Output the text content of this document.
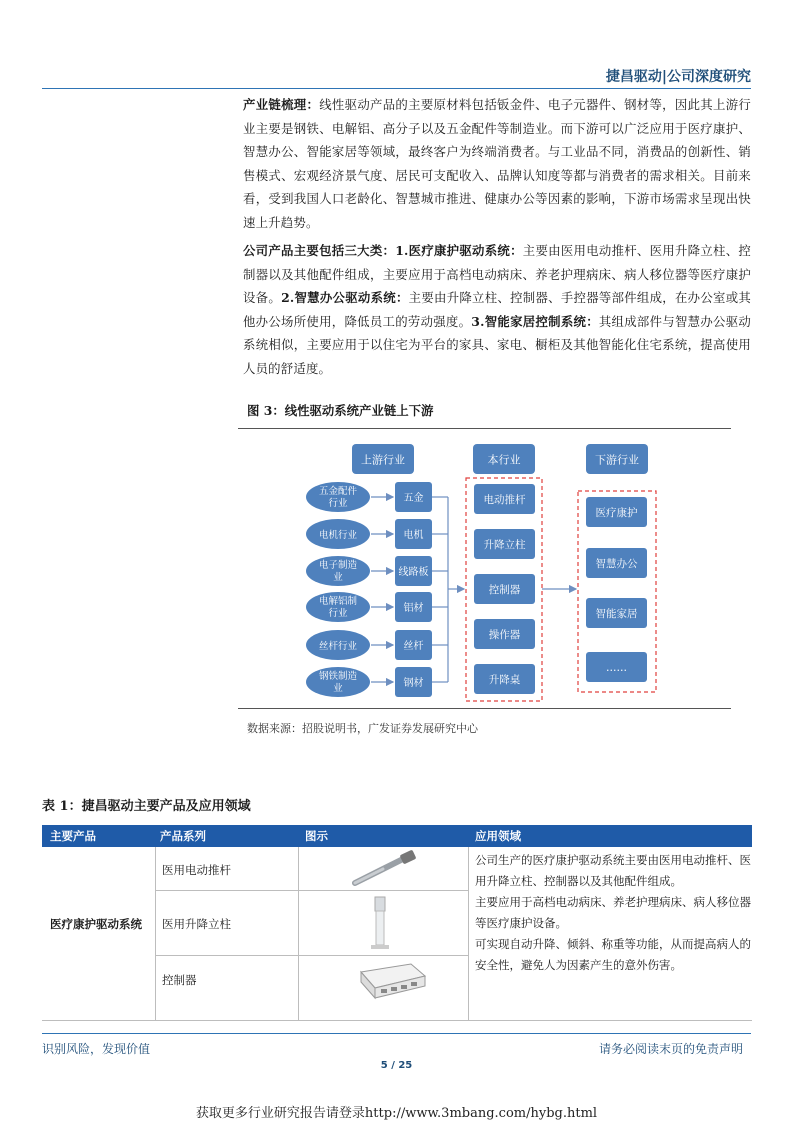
捷昌驱动|公司深度研究
产业链梳理：线性驱动产品的主要原材料包括钣金件、电子元器件、钢材等，因此其上游行业主要是钢铁、电解铝、高分子以及五金配件等制造业。而下游可以广泛应用于医疗康护、智慧办公、智能家居等领域，最终客户为终端消费者。与工业品不同，消费品的创新性、销售模式、宏观经济景气度、居民可支配收入、品牌认知度等都与消费者的需求相关。目前来看，受到我国人口老龄化、智慧城市推进、健康办公等因素的影响，下游市场需求呈现出快速上升趋势。
公司产品主要包括三大类：1.医疗康护驱动系统：主要由医用电动推杆、医用升降立柱、控制器以及其他配件组成，主要应用于高档电动病床、养老护理病床、病人移位器等医疗康护设备。2.智慧办公驱动系统：主要由升降立柱、控制器、手控器等部件组成，在办公室或其他办公场所使用，降低员工的劳动强度。3.智能家居控制系统：其组成部件与智慧办公驱动系统相似，主要应用于以住宅为平台的家具、家电、橱柜及其他智能化住宅系统，提高使用人员的舒适度。
图 3：线性驱动系统产业链上下游
上游行业	本行业	下游行业
五金配件
行业
电机行业
电子制造
业
电解铝制
行业
丝杆行业
钢铁制造
业
五金
电机
线路板
铝材
丝杆
钢材
电动推杆
升降立柱
控制器
操作器
升降桌
医疗康护
智慧办公
智能家居
……
数据来源：招股说明书，广发证券发展研究中心
表 1：捷昌驱动主要产品及应用领域
主要产品	产品系列	图示	应用领域
医疗康护驱动系统
医用电动推杆
医用升降立柱
控制器
公司生产的医疗康护驱动系统主要由医用电动推杆、医用升降立柱、控制器以及其他配件组成。
主要应用于高档电动病床、养老护理病床、病人移位器等医疗康护设备。
可实现自动升降、倾斜、称重等功能，从而提高病人的安全性，避免人为因素产生的意外伤害。
识别风险，发现价值	请务必阅读末页的免责声明
5 / 25
获取更多行业研究报告请登录http://www.3mbang.com/hybg.html
